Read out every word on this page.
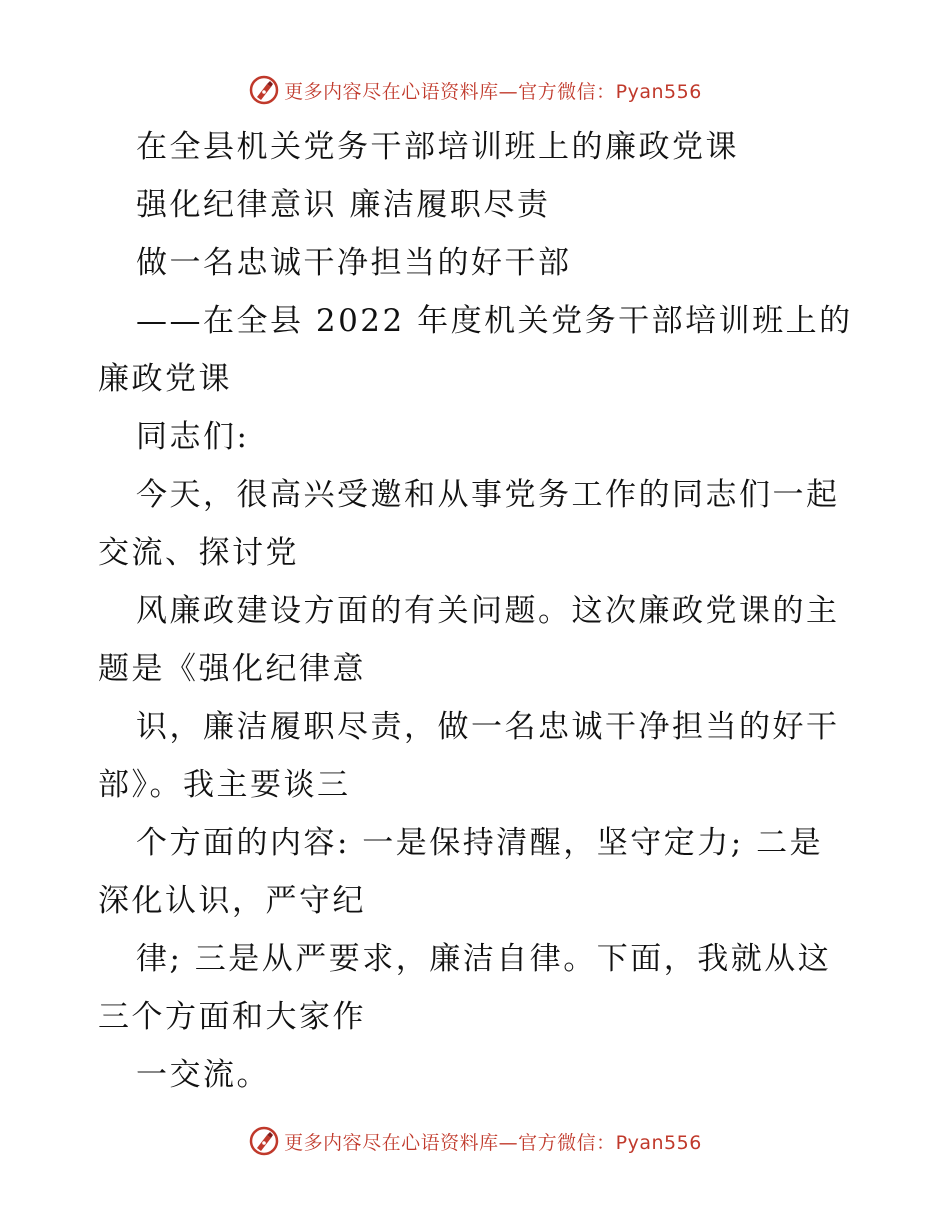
更多内容尽在心语资料库—官方微信：Pyan556
在全县机关党务干部培训班上的廉政党课
强化纪律意识 廉洁履职尽责
做一名忠诚干净担当的好干部
——在全县 2022 年度机关党务干部培训班上的
廉政党课
同志们:
今天，很高兴受邀和从事党务工作的同志们一起
交流、探讨党
风廉政建设方面的有关问题。这次廉政党课的主
题是《强化纪律意
识，廉洁履职尽责，做一名忠诚干净担当的好干
部》。我主要谈三
个方面的内容: 一是保持清醒，坚守定力; 二是
深化认识，严守纪
律; 三是从严要求，廉洁自律。下面，我就从这
三个方面和大家作
一交流。
更多内容尽在心语资料库—官方微信：Pyan556
